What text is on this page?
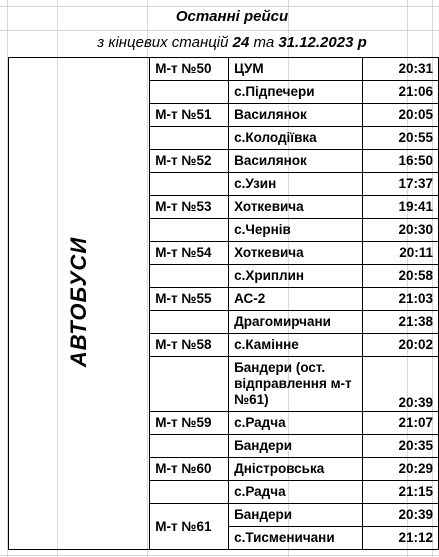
Останні рейси
з кінцевих станцій 24 та 31.12.2023 р
АВТОБУСИ	М-т №50	ЦУМ	20:31
		с.Підпечери	21:06
	М-т №51	Василянок	20:05
		с.Колодіївка	20:55
	М-т №52	Василянок	16:50
		с.Узин	17:37
	М-т №53	Хоткевича	19:41
		с.Чернів	20:30
	М-т №54	Хоткевича	20:11
		с.Хриплин	20:58
	М-т №55	АС-2	21:03
		Драгомирчани	21:38
	М-т №58	с.Камінне	20:02
		Бандери (ост. відправлення м-т №61)	20:39
	М-т №59	с.Радча	21:07
		Бандери	20:35
	М-т №60	Дністровська	20:29
		с.Радча	21:15
	М-т №61	Бандери	20:39
		с.Тисменичани	21:12
